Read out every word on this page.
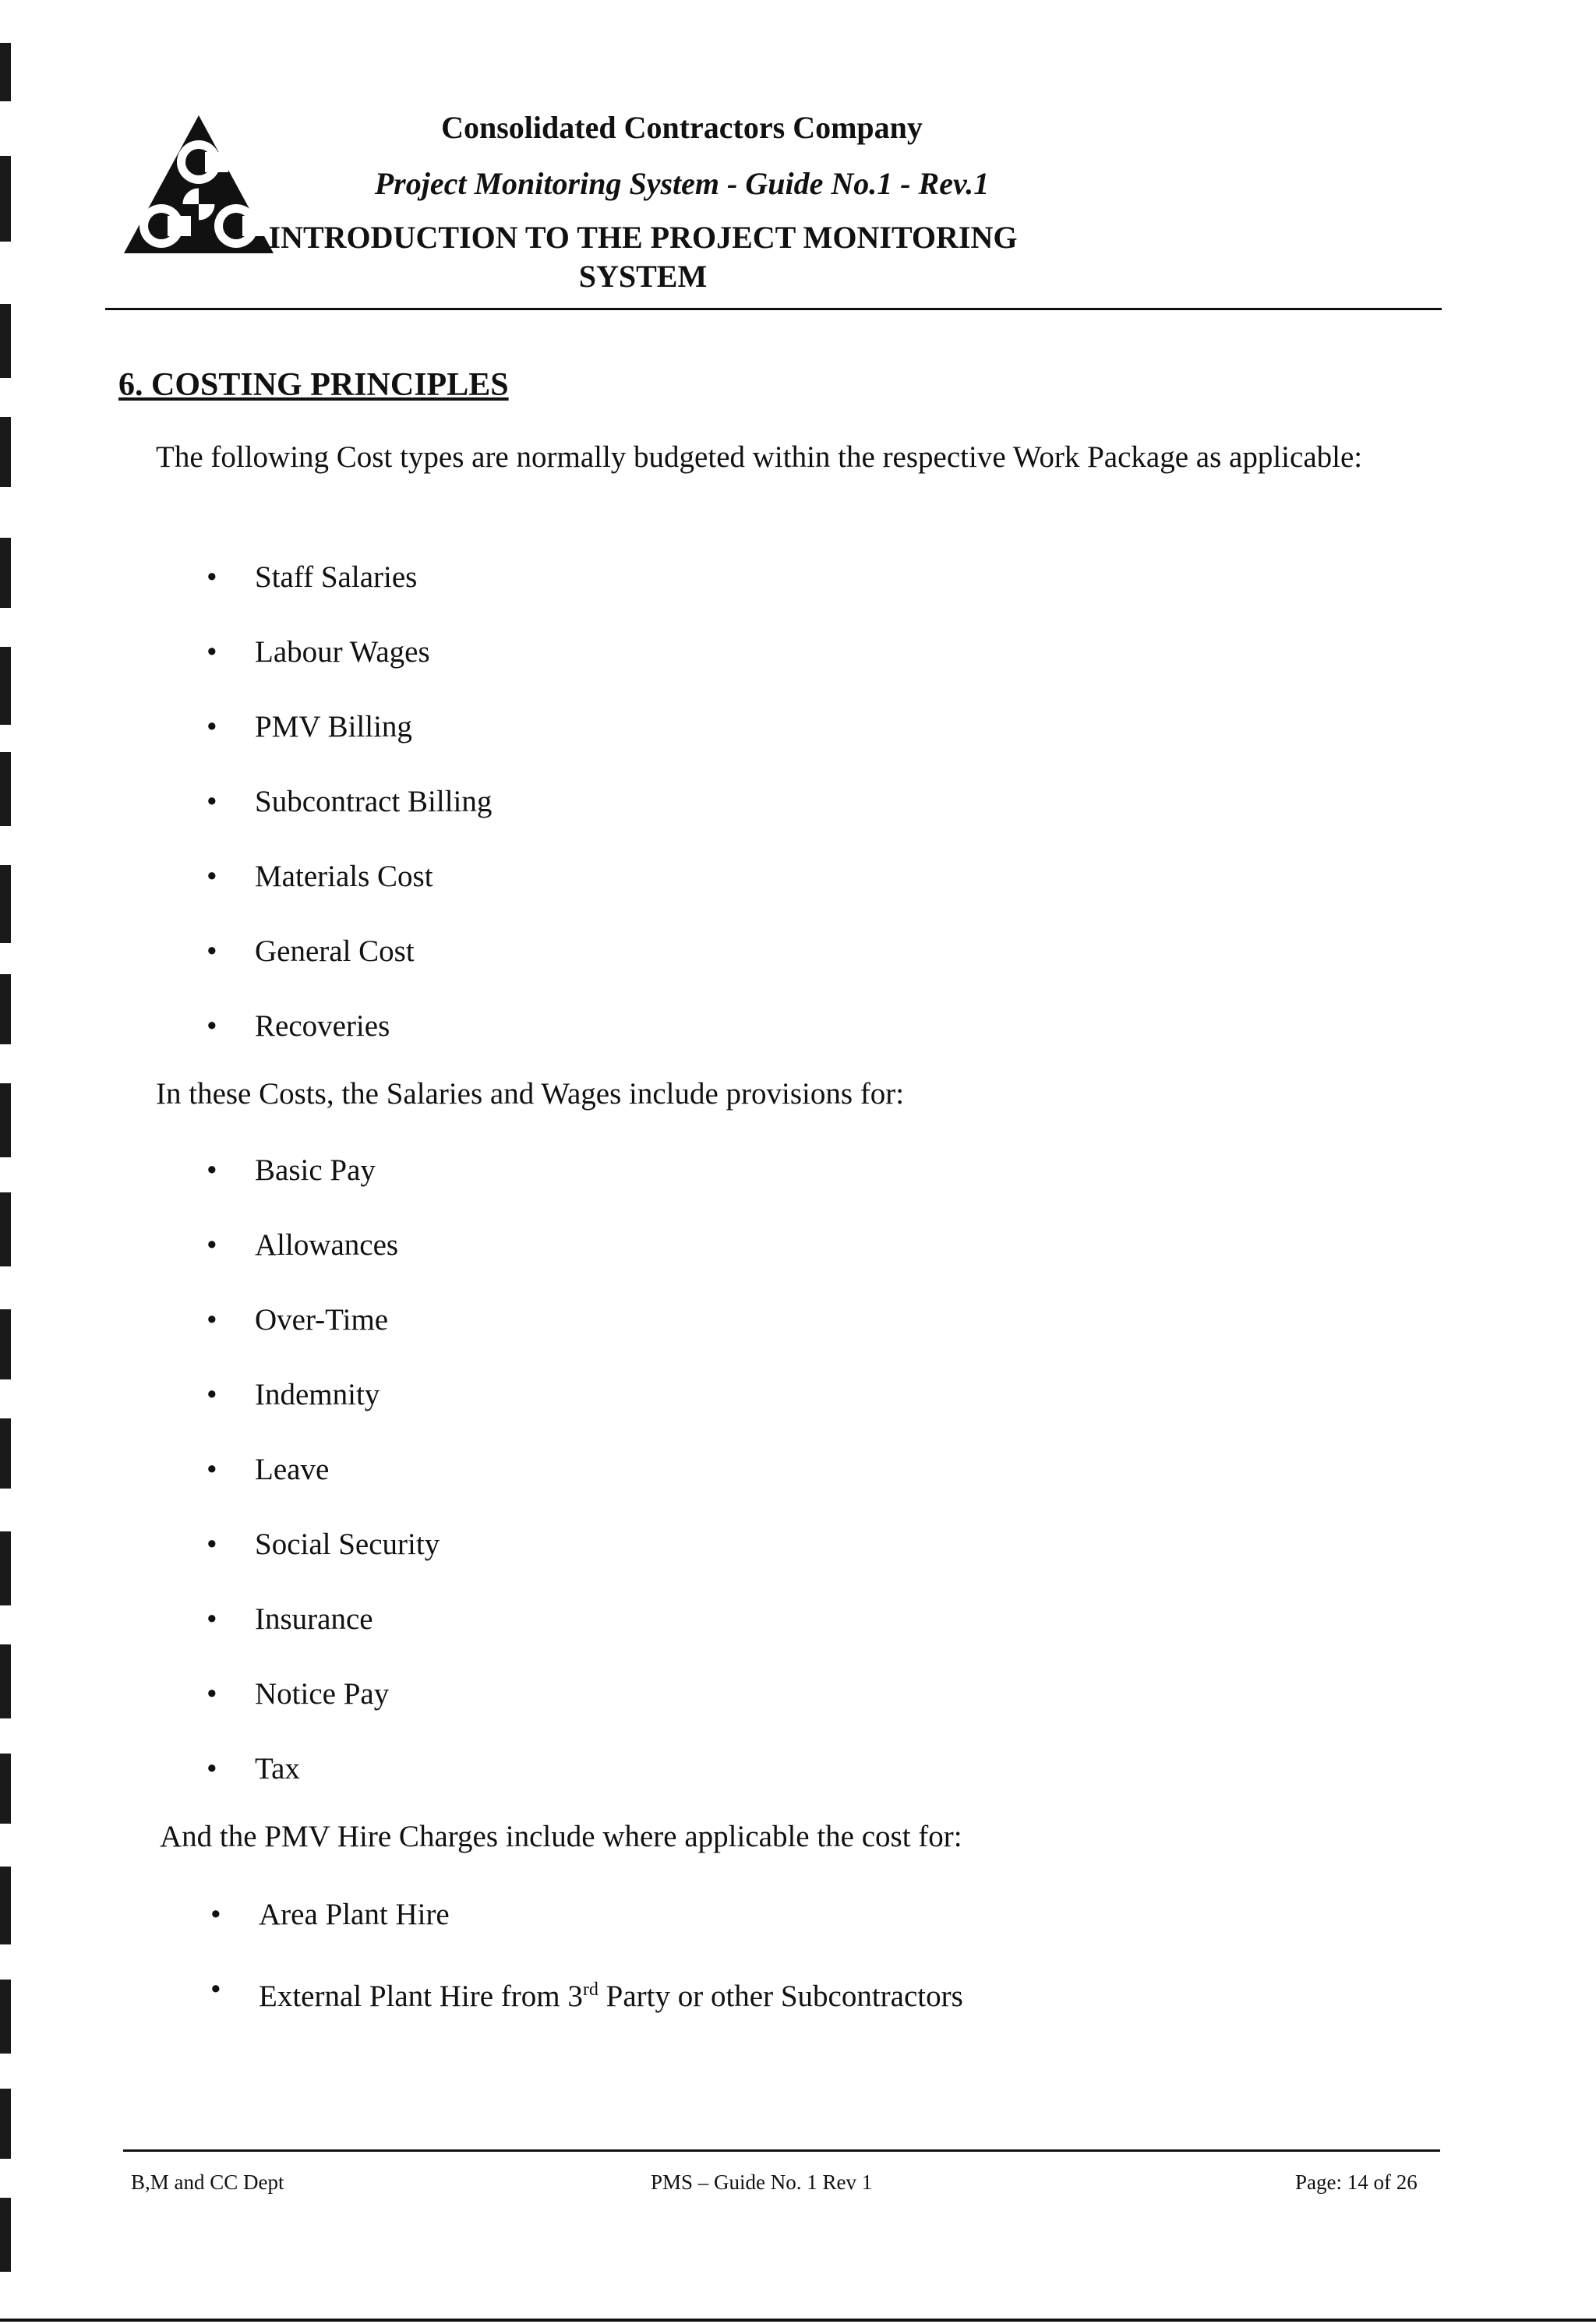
Consolidated Contractors Company
Project Monitoring System - Guide No.1 - Rev.1
INTRODUCTION TO THE PROJECT MONITORING
SYSTEM
6. COSTING PRINCIPLES

The following Cost types are normally budgeted within the respective Work Package as applicable:

• Staff Salaries
• Labour Wages
• PMV Billing
• Subcontract Billing
• Materials Cost
• General Cost
• Recoveries

In these Costs, the Salaries and Wages include provisions for:

• Basic Pay
• Allowances
• Over-Time
• Indemnity
• Leave
• Social Security
• Insurance
• Notice Pay
• Tax

And the PMV Hire Charges include where applicable the cost for:

• Area Plant Hire
• External Plant Hire from 3rd Party or other Subcontractors
B,M and CC Dept	PMS – Guide No. 1 Rev 1	Page: 14 of 26
